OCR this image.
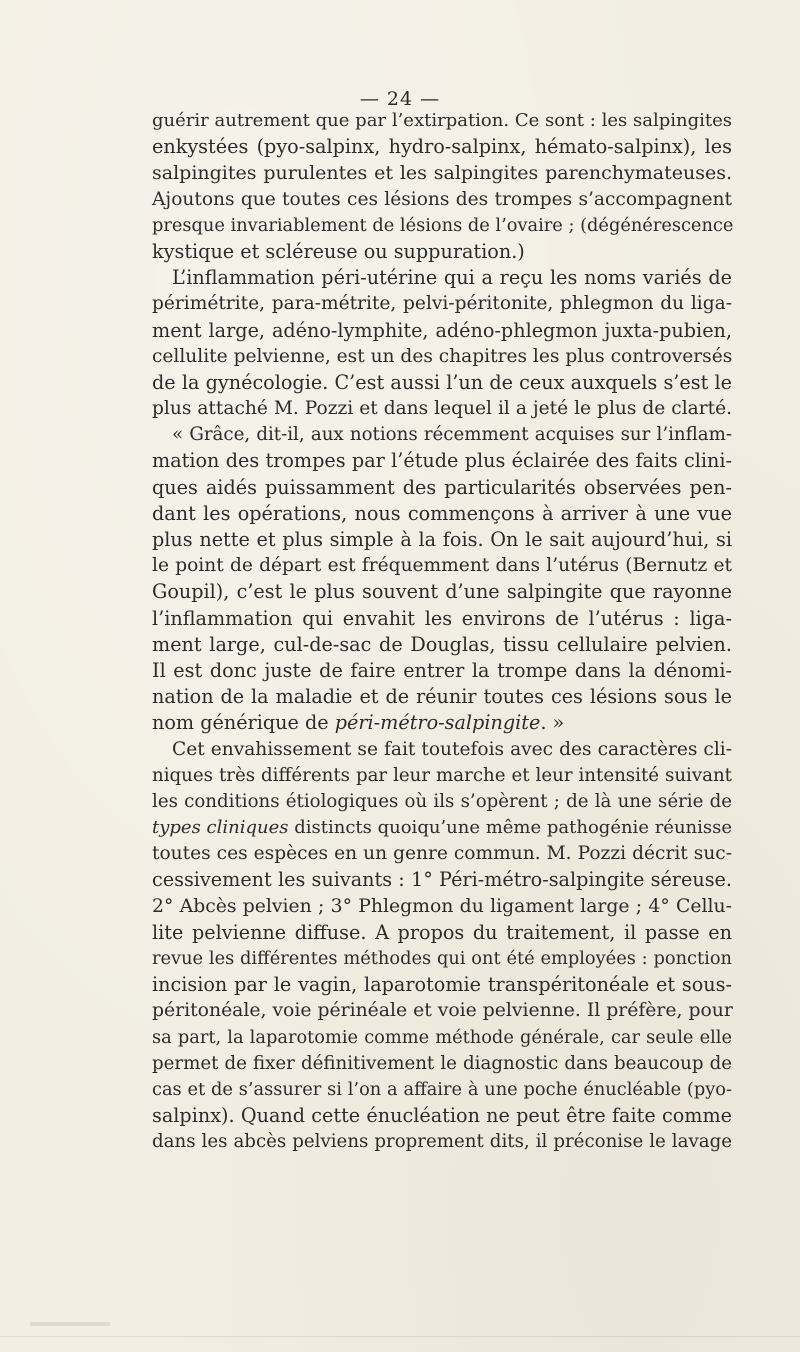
— 24 —
guérir autrement que par l’extirpation. Ce sont : les salpingites
enkystées (pyo-salpinx, hydro-salpinx, hémato-salpinx), les
salpingites purulentes et les salpingites parenchymateuses.
Ajoutons que toutes ces lésions des trompes s’accompagnent
presque invariablement de lésions de l’ovaire ; (dégénérescence
kystique et scléreuse ou suppuration.)
L’inflammation péri-utérine qui a reçu les noms variés de
périmétrite, para-métrite, pelvi-péritonite, phlegmon du liga-
ment large, adéno-lymphite, adéno-phlegmon juxta-pubien,
cellulite pelvienne, est un des chapitres les plus controversés
de la gynécologie. C’est aussi l’un de ceux auxquels s’est le
plus attaché M. Pozzi et dans lequel il a jeté le plus de clarté.
« Grâce, dit-il, aux notions récemment acquises sur l’inflam-
mation des trompes par l’étude plus éclairée des faits clini-
ques aidés puissamment des particularités observées pen-
dant les opérations, nous commençons à arriver à une vue
plus nette et plus simple à la fois. On le sait aujourd’hui, si
le point de départ est fréquemment dans l’utérus (Bernutz et
Goupil), c’est le plus souvent d’une salpingite que rayonne
l’inflammation qui envahit les environs de l’utérus : liga-
ment large, cul-de-sac de Douglas, tissu cellulaire pelvien.
Il est donc juste de faire entrer la trompe dans la dénomi-
nation de la maladie et de réunir toutes ces lésions sous le
nom générique de péri-métro-salpingite. »
Cet envahissement se fait toutefois avec des caractères cli-
niques très différents par leur marche et leur intensité suivant
les conditions étiologiques où ils s’opèrent ; de là une série de
types cliniques distincts quoiqu’une même pathogénie réunisse
toutes ces espèces en un genre commun. M. Pozzi décrit suc-
cessivement les suivants : 1° Péri-métro-salpingite séreuse.
2° Abcès pelvien ; 3° Phlegmon du ligament large ; 4° Cellu-
lite pelvienne diffuse. A propos du traitement, il passe en
revue les différentes méthodes qui ont été employées : ponction
incision par le vagin, laparotomie transpéritonéale et sous-
péritonéale, voie périnéale et voie pelvienne. Il préfère, pour
sa part, la laparotomie comme méthode générale, car seule elle
permet de fixer définitivement le diagnostic dans beaucoup de
cas et de s’assurer si l’on a affaire à une poche énucléable (pyo-
salpinx). Quand cette énucléation ne peut être faite comme
dans les abcès pelviens proprement dits, il préconise le lavage
